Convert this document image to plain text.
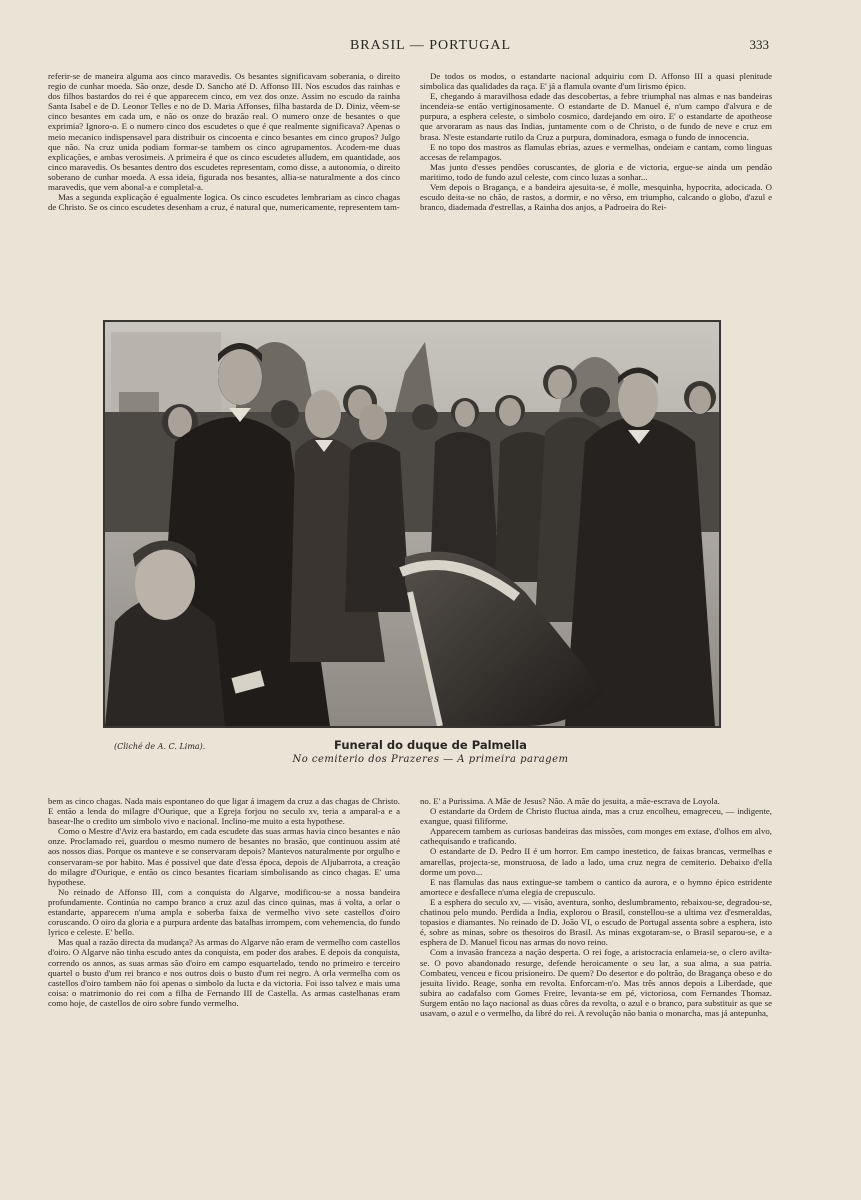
BRASIL — PORTUGAL	333

referir-se de maneira alguma aos cinco maravedis. Os besantes significavam soberania, o direito regio de cunhar moeda. São onze, desde D. Sancho até D. Affonso III. Nos escudos das rainhas e dos filhos bastardos do rei é que apparecem cinco, em vez dos onze. Assim no escudo da rainha Santa Isabel e de D. Leonor Telles e no de D. Maria Affonses, filha bastarda de D. Diniz, vêem-se cinco besantes em cada um, e não os onze do brazão real. O numero onze de besantes o que exprimia? Ignoro-o. E o numero cinco dos escudetes o que é que realmente significava? Apenas o meio mecanico indispensavel para distribuir os cincoenta e cinco besantes em cinco grupos? Julgo que não. Na cruz unida podiam formar-se tambem os cinco agrupamentos. Acodem-me duas explicações, e ambas verosimeis. A primeira é que os cinco escudetes alludem, em quantidade, aos cinco maravedis. Os besantes dentro dos escudetes representam, como disse, a autonomia, o direito soberano de cunhar moeda. A essa ideia, figurada nos besantes, allia-se naturalmente a dos cinco maravedis, que vem abonal-a e completal-a.

Mas a segunda explicação é egualmente logica. Os cinco escudetes lembrariam as cinco chagas de Christo. Se os cinco escudetes desenham a cruz, é natural que, numericamente, representem tam-

De todos os modos, o estandarte nacional adquiriu com D. Affonso III a quasi plenitude simbolica das qualidades da raça. E' já a flamula ovante d'um lirismo épico.

E, chegando á maravilhosa edade das descobertas, a febre triumphal nas almas e nas bandeiras incendeia-se então vertiginosamente. O estandarte de D. Manuel é, n'um campo d'alvura e de purpura, a esphera celeste, o simbolo cosmico, dardejando em oiro. E' o estandarte de apotheose que arvoraram as naus das Indias, juntamente com o de Christo, o de fundo de neve e cruz em brasa. N'este estandarte rutilo da Cruz a purpura, dominadora, esmaga o fundo de innocencia.

E no topo dos mastros as flamulas ebrias, azues e vermelhas, ondeiam e cantam, como linguas accesas de relampagos.

Mas junto d'esses pendões coruscantes, de gloria e de victoria, ergue-se ainda um pendão maritimo, todo de fundo azul celeste, com cinco luzas a sonhar...

Vem depois o Bragança, e a bandeira ajesuita-se, é molle, mesquinha, hypocrita, adocicada. O escudo deita-se no chão, de rastos, a dormir, e no vêrso, em triumpho, calcando o globo, d'azul e branco, diademada d'estrellas, a Rainha dos anjos, a Padroeira do Rei-

(Cliché de A. C. Lima).	Funeral do duque de Palmella
No cemiterio dos Prazeres — A primeira paragem

bem as cinco chagas. Nada mais espontaneo do que ligar á imagem da cruz a das chagas de Christo. E então a lenda do milagre d'Ourique, que a Egreja forjou no seculo xv, teria a amparal-a e a basear-lhe o credito um simbolo vivo e nacional. Inclino-me muito a esta hypothese.

Como o Mestre d'Aviz era bastardo, em cada escudete das suas armas havia cinco besantes e não onze. Proclamado rei, guardou o mesmo numero de besantes no brasão, que continuou assim até aos nossos dias. Porque os manteve e se conservaram depois? Mantevos naturalmente por orgulho e conservaram-se por habito. Mas é possivel que date d'essa época, depois de Aljubarrota, a creação do milagre d'Ourique, e então os cinco besantes ficariam simbolisando as cinco chagas. E' uma hypothese.

No reinado de Affonso III, com a conquista do Algarve, modificou-se a nossa bandeira profundamente. Continúa no campo branco a cruz azul das cinco quinas, mas á volta, a orlar o estandarte, apparecem n'uma ampla e soberba faixa de vermelho vivo sete castellos d'oiro coruscando. O oiro da gloria e a purpura ardente das batalhas irrompem, com vehemencia, do fundo lyrico e celeste. E' bello.

Mas qual a razão directa da mudança? As armas do Algarve não eram de vermelho com castellos d'oiro. O Algarve não tinha escudo antes da conquista, em poder dos arabes. E depois da conquista, correndo os annos, as suas armas são d'oiro em campo esquartelado, tendo no primeiro e terceiro quartel o busto d'um rei branco e nos outros dois o busto d'um rei negro. A orla vermelha com os castellos d'oiro tambem não foi apenas o simbolo da lucta e da victoria. Foi isso talvez e mais uma coisa: o matrimonio do rei com a filha de Fernando III de Castella. As armas castelhanas eram como hoje, de castellos de oiro sobre fundo vermelho.

no. E' a Purissima. A Mãe de Jesus? Não. A mãe do jesuita, a mãe-escrava de Loyola.

O estandarte da Ordem de Christo fluctua ainda, mas a cruz encolheu, emagreceu, — indigente, exangue, quasi filiforme.

Apparecem tambem as curiosas bandeiras das missões, com monges em extase, d'olhos em alvo, cathequisando e traficando.

O estandarte de D. Pedro II é um horror. Em campo inestetico, de faixas brancas, vermelhas e amarellas, projecta-se, monstruosa, de lado a lado, uma cruz negra de cemiterio. Debaixo d'ella dorme um povo...

E nas flamulas das naus extingue-se tambem o cantico da aurora, e o hymno épico estridente amortece e desfallece n'uma elegia de crepusculo.

E a esphera do seculo xv, — visão, aventura, sonho, deslumbramento, rebaixou-se, degradou-se, chatinou pelo mundo. Perdida a India, explorou o Brasil, constellou-se a ultima vez d'esmeraldas, topasios e diamantes. No reinado de D. João VI, o escudo de Portugal assenta sobre a esphera, isto é, sobre as minas, sobre os thesoiros do Brasil. As minas exgotaram-se, o Brasil separou-se, e a esphera de D. Manuel ficou nas armas do novo reino.

Com a invasão franceza a nação desperta. O rei foge, a aristocracia enlameia-se, o clero avilta-se. O povo abandonado resurge, defende heroicamente o seu lar, a sua alma, a sua patria. Combateu, venceu e ficou prisioneiro. De quem? Do desertor e do poltrão, do Bragança obeso e do jesuita lívido. Reage, sonha em revolta. Enforcam-n'o. Mas três annos depois a Liberdade, que subira ao cadafalso com Gomes Freire, levanta-se em pé, victoriosa, com Fernandes Thomaz. Surgem então no laço nacional as duas côres da revolta, o azul e o branco, para substituir as que se usavam, o azul e o vermelho, da libré do rei. A revolução não bania o monarcha, mas já antepunha,
